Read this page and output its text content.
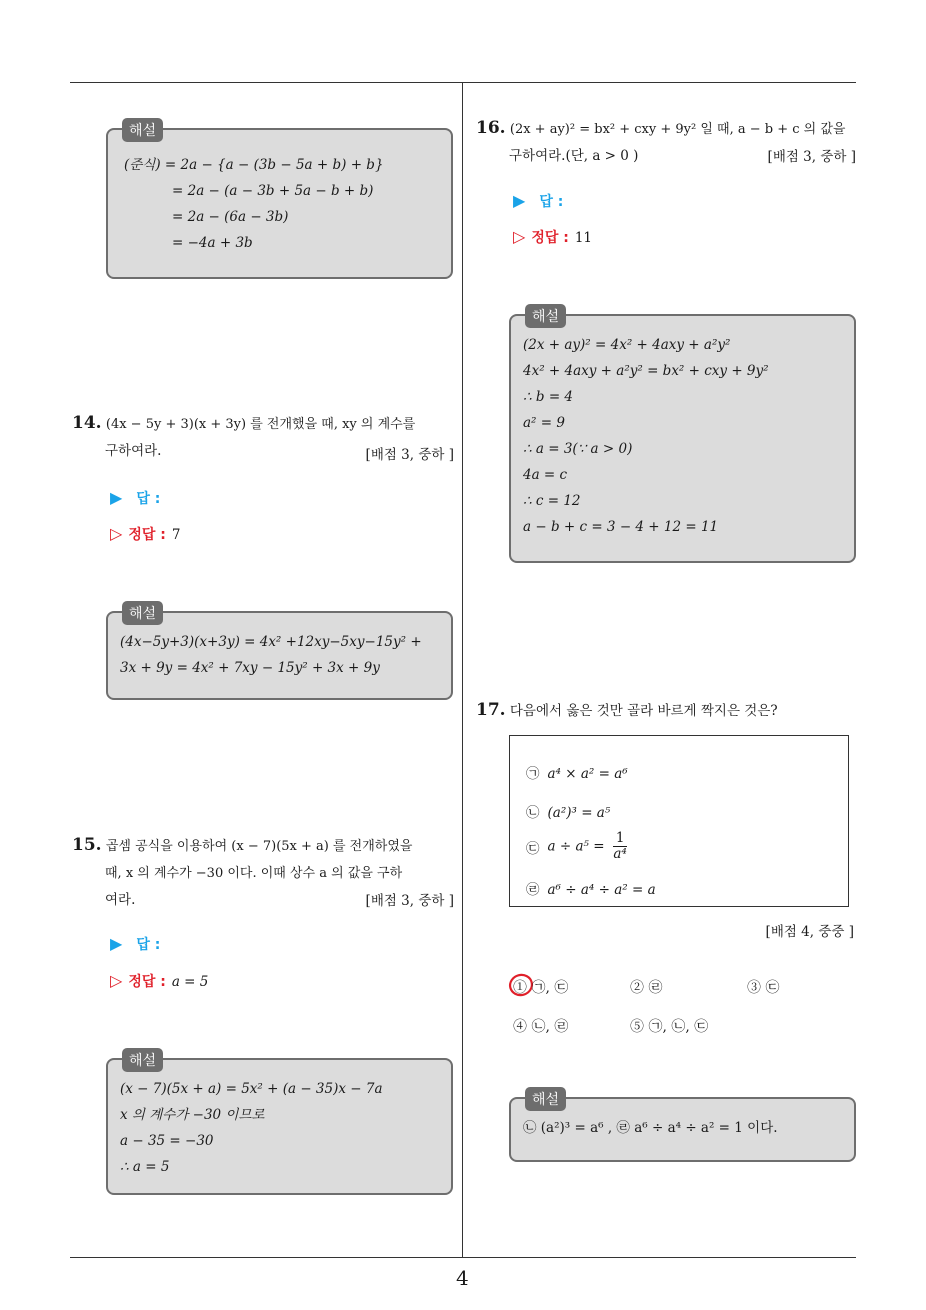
해설
(준식) = 2a − {a − (3b − 5a + b) + b}
= 2a − (a − 3b + 5a − b + b)
= 2a − (6a − 3b)
= −4a + 3b
14. (4x − 5y + 3)(x + 3y) 를 전개했을 때, xy 의 계수를
구하여라.	[배점 3, 중하 ]
▶ 답 :
▷ 정답 : 7
해설
(4x−5y+3)(x+3y) = 4x² +12xy−5xy−15y² +
3x + 9y = 4x² + 7xy − 15y² + 3x + 9y
15. 곱셈 공식을 이용하여 (x − 7)(5x + a) 를 전개하였을
때, x 의 계수가 −30 이다. 이때 상수 a 의 값을 구하
여라.	[배점 3, 중하 ]
▶ 답 :
▷ 정답 : a = 5
해설
(x − 7)(5x + a) = 5x² + (a − 35)x − 7a
x 의 계수가 −30 이므로
a − 35 = −30
∴ a = 5
16. (2x + ay)² = bx² + cxy + 9y² 일 때, a − b + c 의 값을
구하여라.(단, a > 0 )	[배점 3, 중하 ]
▶ 답 :
▷ 정답 : 11
해설
(2x + ay)² = 4x² + 4axy + a²y²
4x² + 4axy + a²y² = bx² + cxy + 9y²
∴ b = 4
a² = 9
∴ a = 3(∵ a > 0)
4a = c
∴ c = 12
a − b + c = 3 − 4 + 12 = 11
17. 다음에서 옳은 것만 골라 바르게 짝지은 것은?
㉠ a⁴ × a² = a⁶
㉡ (a²)³ = a⁵
㉢ $a \div a^5 = \frac{1}{\text{a⁴}}$
㉣ a⁶ ÷ a⁴ ÷ a² = a
[배점 4, 중중 ]
① ㉠, ㉢	② ㉣	③ ㉢
④ ㉡, ㉣	⑤ ㉠, ㉡, ㉢
해설
㉡ (a²)³ = a⁶ , ㉣ a⁶ ÷ a⁴ ÷ a² = 1 이다.
4
